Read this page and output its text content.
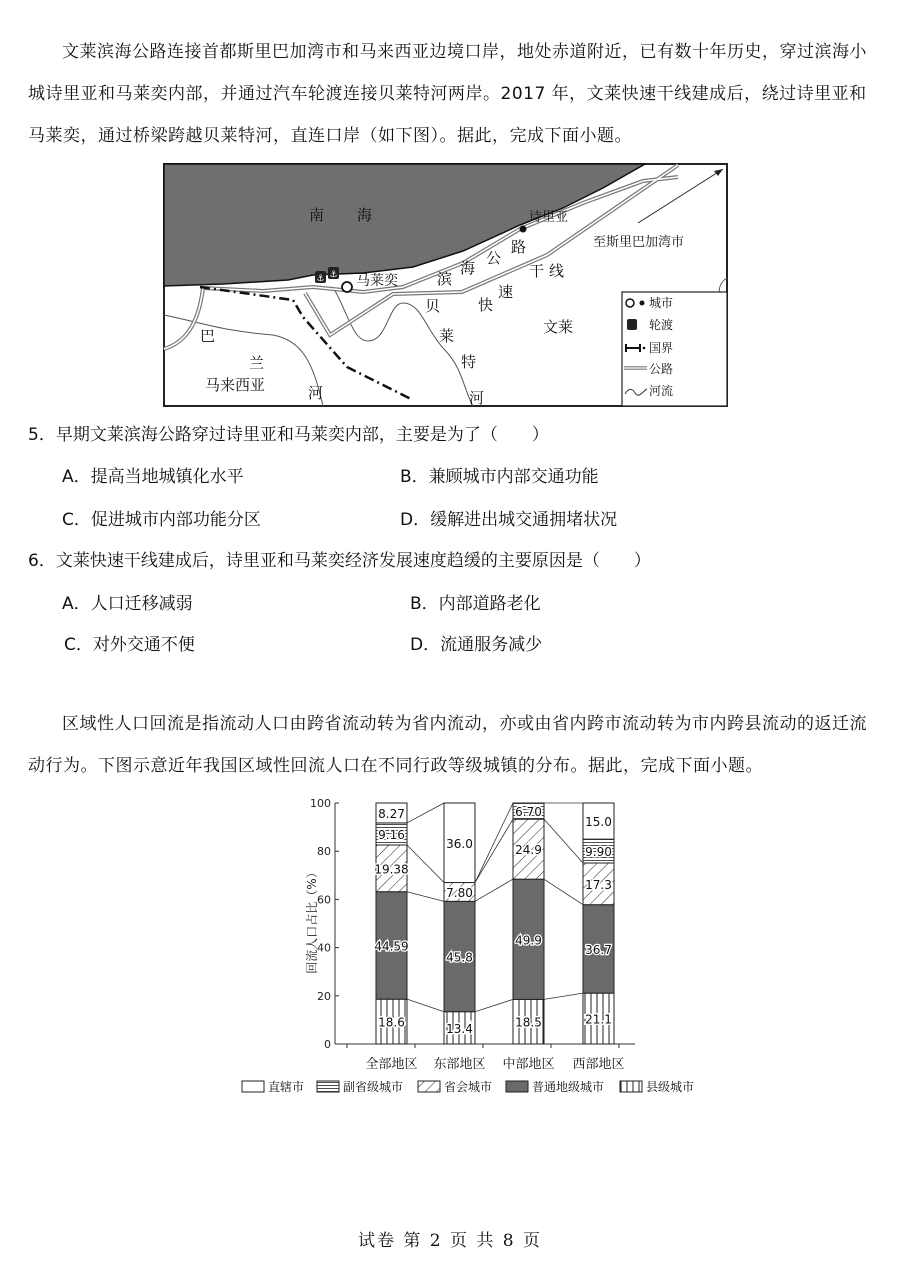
文莱滨海公路连接首都斯里巴加湾市和马来西亚边境口岸，地处赤道附近，已有数十年历史，穿过滨海小城诗里亚和马莱奕内部，并通过汽车轮渡连接贝莱特河两岸。2017 年，文莱快速干线建成后，绕过诗里亚和马莱奕，通过桥梁跨越贝莱特河，直连口岸（如下图）。据此，完成下面小题。
⚓ ⚓
南 海	诗里亚
至斯里巴加湾市
马莱奕	滨
海
公
路
快
速
干 线
贝
莱
特
河
文莱
巴
兰
河
马来西亚
城市
轮渡
国界
公路
河流
5．早期文莱滨海公路穿过诗里亚和马莱奕内部，主要是为了（　　）
A．提高当地城镇化水平	B．兼顾城市内部交通功能
C．促进城市内部功能分区	D．缓解进出城交通拥堵状况
6．文莱快速干线建成后，诗里亚和马莱奕经济发展速度趋缓的主要原因是（　　）
A．人口迁移减弱	B．内部道路老化
C．对外交通不便	D．流通服务减少
区域性人口回流是指流动人口由跨省流动转为省内流动，亦或由省内跨市流动转为市内跨县流动的返迁流动行为。下图示意近年我国区域性回流人口在不同行政等级城镇的分布。据此，完成下面小题。
0
20
40
60
80
100
18.6
44.59
19.38
9.16
8.27
全部地区
13.4
45.8
7.80
36.0
东部地区
18.5
49.9
24.9
6.70
中部地区
21.1
36.7
17.3
9.90
15.0
西部地区
直辖市	副省级城市	省会城市	普通地级城市	县级城市
回流人口占比（%）
试卷 第 2 页 共 8 页
